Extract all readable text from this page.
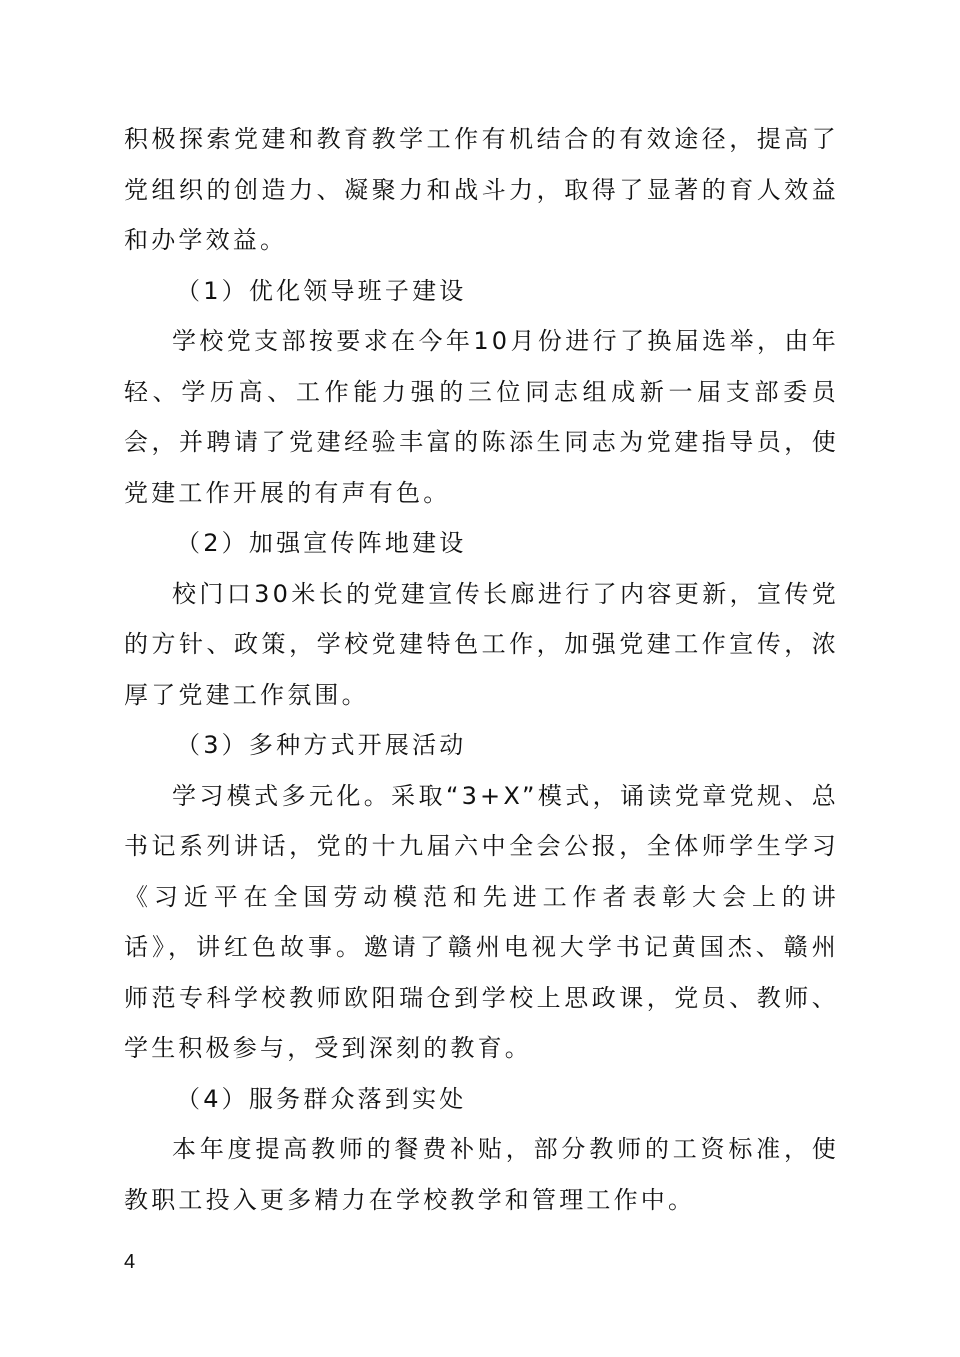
积极探索党建和教育教学工作有机结合的有效途径，提高了党组织的创造力、凝聚力和战斗力，取得了显著的育人效益和办学效益。

（1）优化领导班子建设

学校党支部按要求在今年10月份进行了换届选举，由年轻、学历高、工作能力强的三位同志组成新一届支部委员会，并聘请了党建经验丰富的陈添生同志为党建指导员，使党建工作开展的有声有色。

（2）加强宣传阵地建设

校门口30米长的党建宣传长廊进行了内容更新，宣传党的方针、政策，学校党建特色工作，加强党建工作宣传，浓厚了党建工作氛围。

（3）多种方式开展活动

学习模式多元化。采取“3+X”模式，诵读党章党规、总书记系列讲话，党的十九届六中全会公报，全体师学生学习《习近平在全国劳动模范和先进工作者表彰大会上的讲话》，讲红色故事。邀请了赣州电视大学书记黄国杰、赣州师范专科学校教师欧阳瑞仓到学校上思政课，党员、教师、学生积极参与，受到深刻的教育。

（4）服务群众落到实处

本年度提高教师的餐费补贴，部分教师的工资标准，使教职工投入更多精力在学校教学和管理工作中。

4
